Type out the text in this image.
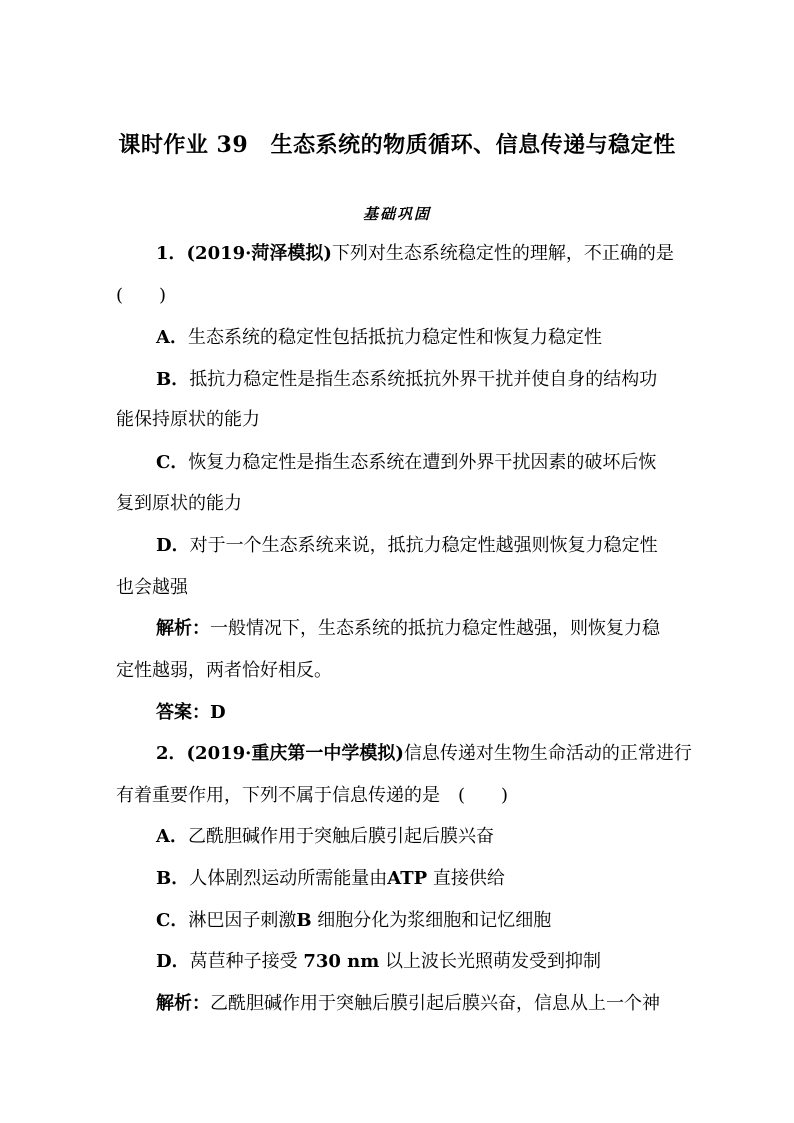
课时作业 39　生态系统的物质循环、信息传递与稳定性
基础巩固
1．(2019·菏泽模拟)下列对生态系统稳定性的理解，不正确的是
(　　)
A．生态系统的稳定性包括抵抗力稳定性和恢复力稳定性
B．抵抗力稳定性是指生态系统抵抗外界干扰并使自身的结构功
能保持原状的能力
C．恢复力稳定性是指生态系统在遭到外界干扰因素的破坏后恢
复到原状的能力
D．对于一个生态系统来说，抵抗力稳定性越强则恢复力稳定性
也会越强
解析：一般情况下，生态系统的抵抗力稳定性越强，则恢复力稳
定性越弱，两者恰好相反。
答案：D
2．(2019·重庆第一中学模拟)信息传递对生物生命活动的正常进行
有着重要作用，下列不属于信息传递的是　(　　)
A．乙酰胆碱作用于突触后膜引起后膜兴奋
B．人体剧烈运动所需能量由ATP 直接供给
C．淋巴因子刺激B 细胞分化为浆细胞和记忆细胞
D．莴苣种子接受 730 nm 以上波长光照萌发受到抑制
解析：乙酰胆碱作用于突触后膜引起后膜兴奋，信息从上一个神
